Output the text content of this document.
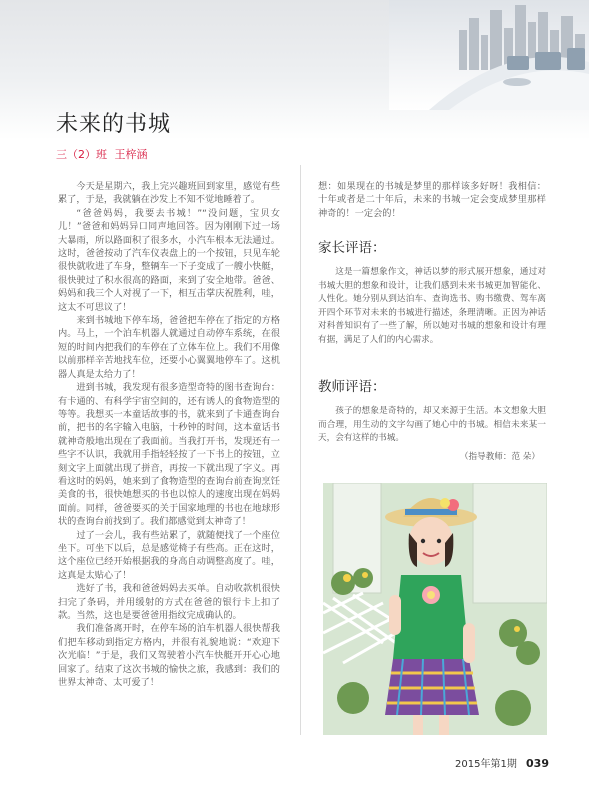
未来的书城
三（2）班 王梓涵

今天是星期六，我上完兴趣班回到家里，感觉有些累了，于是，我就躺在沙发上不知不觉地睡着了。

“爸爸妈妈，我要去书城！”“没问题，宝贝女儿！”爸爸和妈妈异口同声地回答。因为刚刚下过一场大暴雨，所以路面积了很多水，小汽车根本无法通过。这时，爸爸按动了汽车仪表盘上的一个按钮，只见车轮很快就收进了车身，整辆车一下子变成了一艘小快艇，很快驶过了积水很高的路面，来到了安全地带。爸爸、妈妈和我三个人对视了一下，相互击掌庆祝胜利，哇，这太不可思议了！

来到书城地下停车场，爸爸把车停在了指定的方格内。马上，一个泊车机器人就通过自动停车系统，在很短的时间内把我们的车停在了立体车位上。我们不用像以前那样辛苦地找车位，还要小心翼翼地停车了。这机器人真是太给力了！

进到书城，我发现有很多造型奇特的图书查询台：有卡通的、有科学宇宙空间的，还有诱人的食物造型的等等。我想买一本童话故事的书，就来到了卡通查询台前，把书的名字输入电脑，十秒钟的时间，这本童话书就神奇般地出现在了我面前。当我打开书，发现还有一些字不认识，我就用手指轻轻按了一下书上的按钮，立刻文字上面就出现了拼音，再按一下就出现了字义。再看这时的妈妈，她来到了食物造型的查询台前查询烹饪美食的书，很快她想买的书也以惊人的速度出现在妈妈面前。同样，爸爸要买的关于国家地理的书也在地球形状的查询台前找到了。我们都感觉到太神奇了！

过了一会儿，我有些站累了，就随便找了一个座位坐下。可坐下以后，总是感觉椅子有些高。正在这时，这个座位已经开始根据我的身高自动调整高度了。哇，这真是太贴心了！

选好了书，我和爸爸妈妈去买单。自动收款机很快扫完了条码，并用缓射的方式在爸爸的银行卡上扣了款。当然，这也是要爸爸用指纹完成确认的。

我们准备离开时，在停车场的泊车机器人很快帮我们把车移动到指定方格内，并很有礼貌地说：“欢迎下次光临！”于是，我们又驾驶着小汽车快艇开开心心地回家了。结束了这次书城的愉快之旅，我感到：我们的世界太神奇、太可爱了！

想：如果现在的书城是梦里的那样该多好呀！我相信：十年或者是二十年后，未来的书城一定会变成梦里那样神奇的！一定会的！

家长评语：

这是一篇想象作文，神话以梦的形式展开想象，通过对书城大胆的想象和设计，让我们感到未来书城更加智能化、人性化。她分别从到达泊车、查询选书、购书缴费、驾车离开四个环节对未来的书城进行描述，条理清晰。正因为神话对科普知识有了一些了解，所以她对书城的想象和设计有理有据，满足了人们的内心需求。

教师评语：

孩子的想象是奇特的，却又来源于生活。本文想象大胆而合理，用生动的文字勾画了她心中的书城。相信未来某一天，会有这样的书城。

（指导教师：范 朵）
2015年第1期 039
